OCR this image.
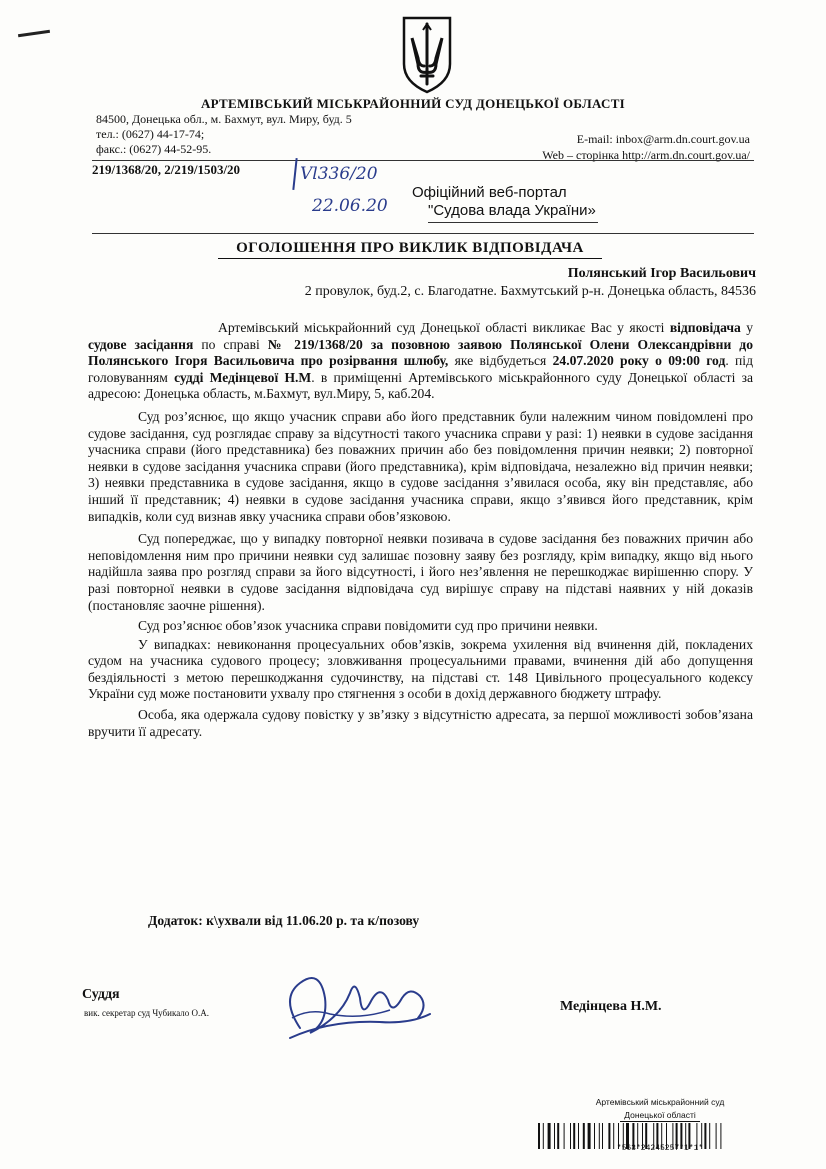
АРТЕМІВСЬКИЙ МІСЬКРАЙОННИЙ СУД ДОНЕЦЬКОЇ ОБЛАСТІ
84500, Донецька обл., м. Бахмут, вул. Миру, буд. 5
тел.: (0627) 44-17-74;
факс.: (0627) 44-52-95.
E-mail: inbox@arm.dn.court.gov.ua
Web – сторінка http://arm.dn.court.gov.ua/
219/1368/20, 2/219/1503/20	Vl336/20
22.06.20
Офіційний веб-портал
"Судова влада України»
ОГОЛОШЕННЯ ПРО ВИКЛИК ВІДПОВІДАЧА
Полянський Ігор Васильович
2 провулок, буд.2, с. Благодатне. Бахмутський р-н. Донецька область, 84536

Артемівський міськрайонний суд Донецької області викликає Вас у якості відповідача у судове засідання по справі № 219/1368/20 за позовною заявою Полянської Олени Олександрівни до Полянського Ігоря Васильовича про розірвання шлюбу, яке відбудеться 24.07.2020 року о 09:00 год. під головуванням судді Медінцевої Н.М. в приміщенні Артемівського міськрайонного суду Донецької області за адресою: Донецька область, м.Бахмут, вул.Миру, 5, каб.204.

Суд роз’яснює, що якщо учасник справи або його представник були належним чином повідомлені про судове засідання, суд розглядає справу за відсутності такого учасника справи у разі: 1) неявки в судове засідання учасника справи (його представника) без поважних причин або без повідомлення причин неявки; 2) повторної неявки в судове засідання учасника справи (його представника), крім відповідача, незалежно від причин неявки; 3) неявки представника в судове засідання, якщо в судове засідання з’явилася особа, яку він представляє, або інший її представник; 4) неявки в судове засідання учасника справи, якщо з’явився його представник, крім випадків, коли суд визнав явку учасника справи обов’язковою.

Суд попереджає, що у випадку повторної неявки позивача в судове засідання без поважних причин або неповідомлення ним про причини неявки суд залишає позовну заяву без розгляду, крім випадку, якщо від нього надійшла заява про розгляд справи за його відсутності, і його нез’явлення не перешкоджає вирішенню спору. У разі повторної неявки в судове засідання відповідача суд вирішує справу на підставі наявних у ній доказів (постановляє заочне рішення).

Суд роз’яснює обов’язок учасника справи повідомити суд про причини неявки.

У випадках: невиконання процесуальних обов’язків, зокрема ухилення від вчинення дій, покладених судом на учасника судового процесу; зловживання процесуальними правами, вчинення дій або допущення бездіяльності з метою перешкоджання судочинству, на підставі ст. 148 Цивільного процесуального кодексу України суд може постановити ухвалу про стягнення з особи в дохід державного бюджету штрафу.

Особа, яка одержала судову повістку у зв’язку з відсутністю адресата, за першої можливості зобов’язана вручити її адресату.

Додаток: к\ухвали від 11.06.20 р. та к/позову
Суддя
вик. секретар суд Чубикало О.А.	Медінцева Н.М.
Артемівський міськрайонний суд
Донецької області
*563*24245257*1*1*
